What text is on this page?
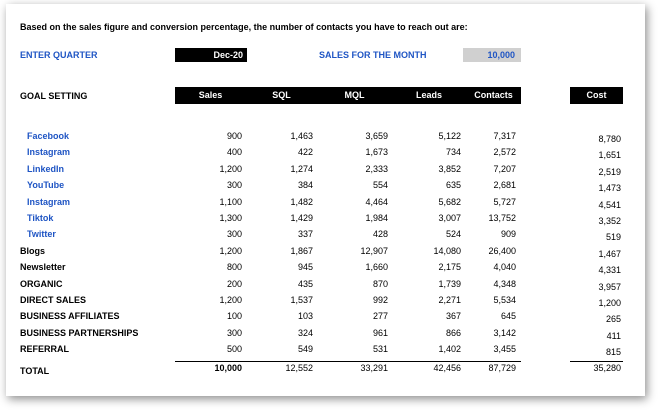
Based on the sales figure and conversion percentage, the number of contacts you have to reach out are:
ENTER QUARTER	Dec-20	SALES FOR THE MONTH	10,000
GOAL SETTING	Sales	SQL	MQL	Leads	Contacts	Cost
Facebook	900	1,463	3,659	5,122	7,317	8,780
Instagram	400	422	1,673	734	2,572	1,651
LinkedIn	1,200	1,274	2,333	3,852	7,207	2,519
YouTube	300	384	554	635	2,681	1,473
Instagram	1,100	1,482	4,464	5,682	5,727	4,541
Tiktok	1,300	1,429	1,984	3,007	13,752	3,352
Twitter	300	337	428	524	909	519
Blogs	1,200	1,867	12,907	14,080	26,400	1,467
Newsletter	800	945	1,660	2,175	4,040	4,331
ORGANIC	200	435	870	1,739	4,348	3,957
DIRECT SALES	1,200	1,537	992	2,271	5,534	1,200
BUSINESS AFFILIATES	100	103	277	367	645	265
BUSINESS PARTNERSHIPS	300	324	961	866	3,142	411
REFERRAL	500	549	531	1,402	3,455	815
TOTAL	10,000	12,552	33,291	42,456	87,729	35,280
